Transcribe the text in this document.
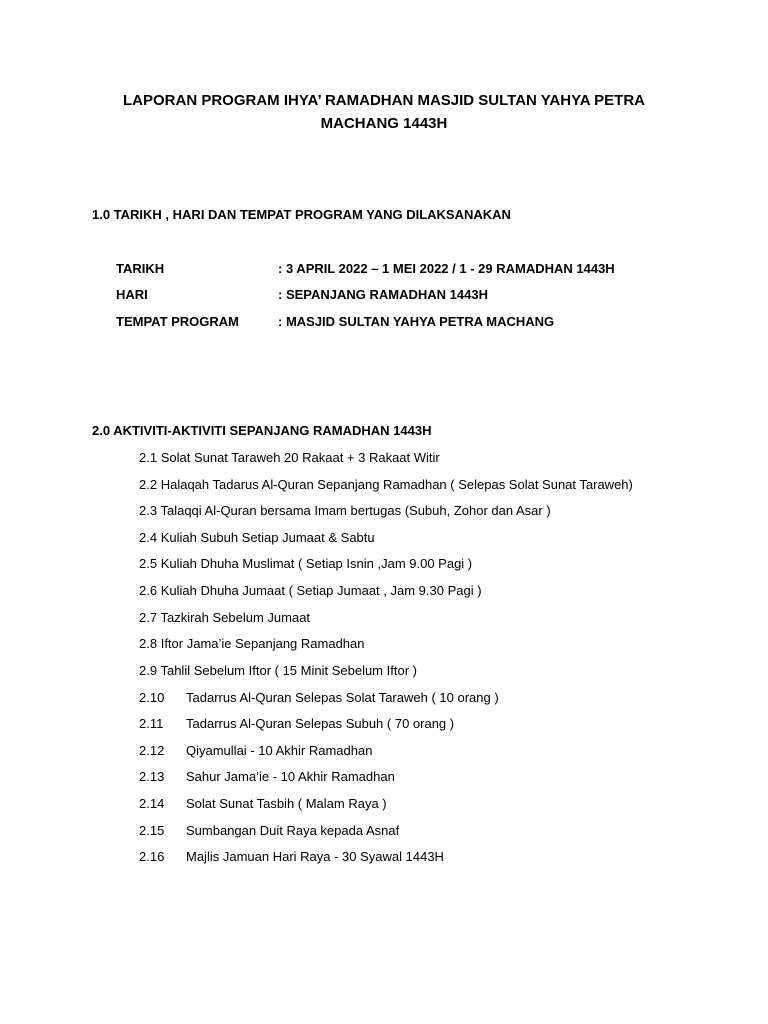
LAPORAN PROGRAM IHYA’ RAMADHAN MASJID SULTAN YAHYA PETRA
MACHANG 1443H
1.0 TARIKH , HARI DAN TEMPAT PROGRAM YANG DILAKSANAKAN
TARIKH	: 3 APRIL 2022 – 1 MEI 2022 / 1 - 29 RAMADHAN 1443H
HARI	: SEPANJANG RAMADHAN 1443H
TEMPAT PROGRAM	: MASJID SULTAN YAHYA PETRA MACHANG
2.0 AKTIVITI-AKTIVITI SEPANJANG RAMADHAN 1443H
2.1 Solat Sunat Taraweh 20 Rakaat + 3 Rakaat Witir
2.2 Halaqah Tadarus Al-Quran Sepanjang Ramadhan ( Selepas Solat Sunat Taraweh)
2.3 Talaqqi Al-Quran bersama Imam bertugas (Subuh, Zohor dan Asar )
2.4 Kuliah Subuh Setiap Jumaat & Sabtu
2.5 Kuliah Dhuha Muslimat ( Setiap Isnin ,Jam 9.00 Pagi )
2.6 Kuliah Dhuha Jumaat ( Setiap Jumaat , Jam 9.30 Pagi )
2.7 Tazkirah Sebelum Jumaat
2.8 Iftor Jama’ie Sepanjang Ramadhan
2.9 Tahlil Sebelum Iftor ( 15 Minit Sebelum Iftor )
2.10 Tadarrus Al-Quran Selepas Solat Taraweh ( 10 orang )
2.11 Tadarrus Al-Quran Selepas Subuh ( 70 orang )
2.12 Qiyamullai - 10 Akhir Ramadhan
2.13 Sahur Jama’ie - 10 Akhir Ramadhan
2.14 Solat Sunat Tasbih ( Malam Raya )
2.15 Sumbangan Duit Raya kepada Asnaf
2.16 Majlis Jamuan Hari Raya - 30 Syawal 1443H
